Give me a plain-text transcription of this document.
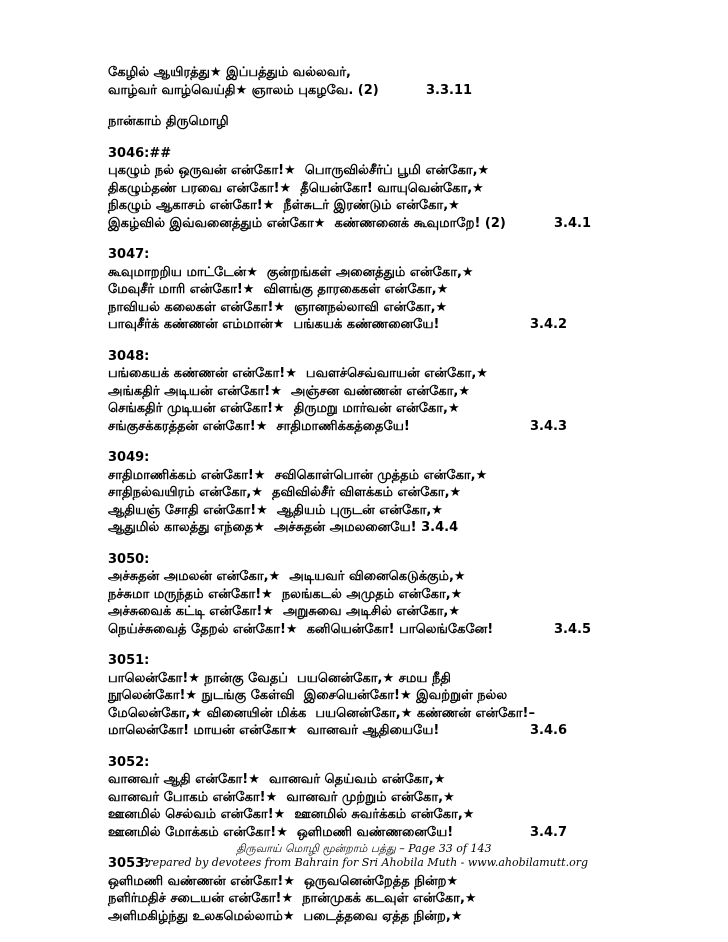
கேழில் ஆயிரத்து★ இப்பத்தும் வல்லவர்,
வாழ்வர் வாழ்வெய்தி★ ஞாலம் புகழவே. (2)	3.3.11
நான்காம் திருமொழி
3046:##
புகழும் நல் ஒருவன் என்கோ!★  பொருவில்சீர்ப் பூமி என்கோ,★
திகழும்தண் பரவை என்கோ!★  தீயென்கோ! வாயுவென்கோ,★
நிகழும் ஆகாசம் என்கோ!★  நீள்சுடர் இரண்டும் என்கோ,★
இகழ்வில் இவ்வனைத்தும் என்கோ★  கண்ணனைக் கூவுமாறே! (2)	3.4.1
3047:
கூவுமாறறிய மாட்டேன்★  குன்றங்கள் அனைத்தும் என்கோ,★
மேவுசீர் மாரி என்கோ!★  விளங்கு தாரகைகள் என்கோ,★
நாவியல் கலைகள் என்கோ!★  ஞானநல்லாவி என்கோ,★
பாவுசீர்க் கண்ணன் எம்மான்★  பங்கயக் கண்ணனையே!	3.4.2
3048:
பங்கையக் கண்ணன் என்கோ!★  பவளச்செவ்வாயன் என்கோ,★
அங்கதிர் அடியன் என்கோ!★  அஞ்சன வண்ணன் என்கோ,★
செங்கதிர் முடியன் என்கோ!★  திருமறு மார்வன் என்கோ,★
சங்குசக்கரத்தன் என்கோ!★  சாதிமாணிக்கத்தையே!	3.4.3
3049:
சாதிமாணிக்கம் என்கோ!★  சவிகொள்பொன் முத்தம் என்கோ,★
சாதிநல்வயிரம் என்கோ,★  தவிவில்சீர் விளக்கம் என்கோ,★
ஆதியஞ் சோதி என்கோ!★  ஆதியம் புருடன் என்கோ,★
ஆதுமில் காலத்து எந்தை★  அச்சுதன் அமலனையே! 3.4.4
3050:
அச்சுதன் அமலன் என்கோ,★  அடியவர் வினைகெடுக்கும்,★
நச்சுமா மருந்தம் என்கோ!★  நலங்கடல் அமுதம் என்கோ,★
அச்சுவைக் கட்டி என்கோ!★  அறுசுவை அடிசில் என்கோ,★
நெய்ச்சுவைத் தேறல் என்கோ!★  கனியென்கோ! பாலெங்கேனே!	3.4.5
3051:
பாலென்கோ!★ நான்கு வேதப்  பயனென்கோ,★ சமய நீதி
நூலென்கோ!★ நுடங்கு கேள்வி  இசையென்கோ!★ இவற்றுள் நல்ல
மேலென்கோ,★ வினையின் மிக்க  பயனென்கோ,★ கண்ணன் என்கோ!–
மாலென்கோ! மாயன் என்கோ★  வானவர் ஆதியையே!	3.4.6
3052:
வானவர் ஆதி என்கோ!★  வானவர் தெய்வம் என்கோ,★
வானவர் போகம் என்கோ!★  வானவர் முற்றும் என்கோ,★
ஊனமில் செல்வம் என்கோ!★  ஊனமில் சுவர்க்கம் என்கோ,★
ஊனமில் மோக்கம் என்கோ!★  ஒளிமணி வண்ணனையே!	3.4.7
3053:
ஒளிமணி வண்ணன் என்கோ!★  ஒருவனென்றேத்த நின்ற★
நளிர்மதிச் சடையன் என்கோ!★  நான்முகக் கடவுள் என்கோ,★
அளிமகிழ்ந்து உலகமெல்லாம்★  படைத்தவை ஏத்த நின்ற,★
திருவாய் மொழி மூன்றாம் பத்து – Page 33 of 143
Prepared by devotees from Bahrain for Sri Ahobila Muth - www.ahobilamutt.org
